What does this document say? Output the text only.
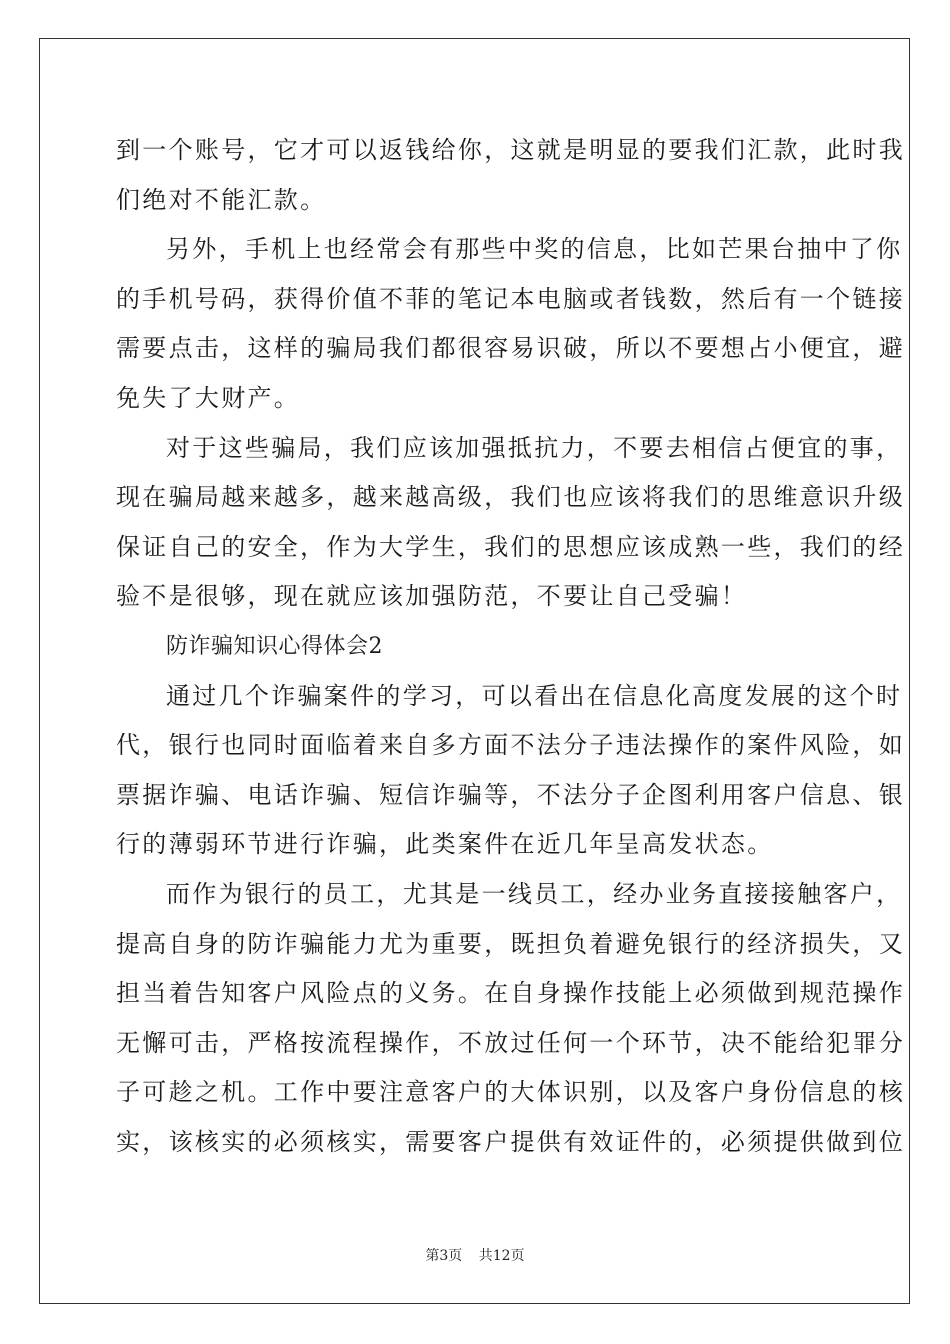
到一个账号，它才可以返钱给你，这就是明显的要我们汇款，此时我
们绝对不能汇款。
另外，手机上也经常会有那些中奖的信息，比如芒果台抽中了你
的手机号码，获得价值不菲的笔记本电脑或者钱数，然后有一个链接
需要点击，这样的骗局我们都很容易识破，所以不要想占小便宜，避
免失了大财产。
对于这些骗局，我们应该加强抵抗力，不要去相信占便宜的事，
现在骗局越来越多，越来越高级，我们也应该将我们的思维意识升级
保证自己的安全，作为大学生，我们的思想应该成熟一些，我们的经
验不是很够，现在就应该加强防范，不要让自己受骗！
防诈骗知识心得体会2
通过几个诈骗案件的学习，可以看出在信息化高度发展的这个时
代，银行也同时面临着来自多方面不法分子违法操作的案件风险，如
票据诈骗、电话诈骗、短信诈骗等，不法分子企图利用客户信息、银
行的薄弱环节进行诈骗，此类案件在近几年呈高发状态。
而作为银行的员工，尤其是一线员工，经办业务直接接触客户，
提高自身的防诈骗能力尤为重要，既担负着避免银行的经济损失，又
担当着告知客户风险点的义务。在自身操作技能上必须做到规范操作
无懈可击，严格按流程操作，不放过任何一个环节，决不能给犯罪分
子可趁之机。工作中要注意客户的大体识别，以及客户身份信息的核
实，该核实的必须核实，需要客户提供有效证件的，必须提供做到位
第3页 共12页
